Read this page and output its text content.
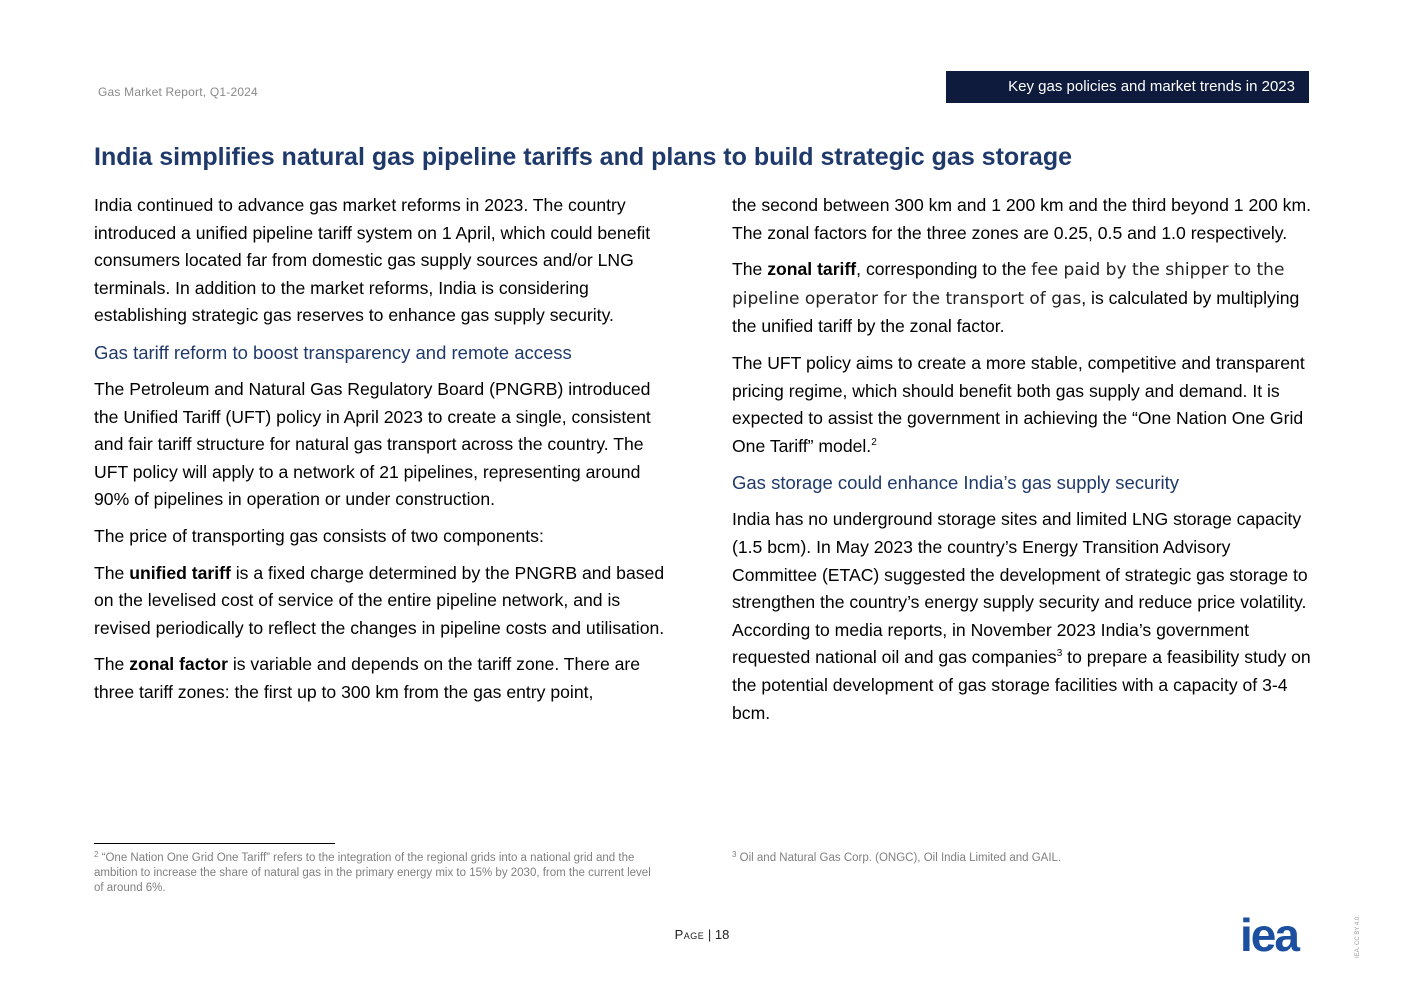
Gas Market Report, Q1-2024	Key gas policies and market trends in 2023
India simplifies natural gas pipeline tariffs and plans to build strategic gas storage

India continued to advance gas market reforms in 2023. The country introduced a unified pipeline tariff system on 1 April, which could benefit consumers located far from domestic gas supply sources and/or LNG terminals. In addition to the market reforms, India is considering establishing strategic gas reserves to enhance gas supply security.

Gas tariff reform to boost transparency and remote access

The Petroleum and Natural Gas Regulatory Board (PNGRB) introduced the Unified Tariff (UFT) policy in April 2023 to create a single, consistent and fair tariff structure for natural gas transport across the country. The UFT policy will apply to a network of 21 pipelines, representing around 90% of pipelines in operation or under construction.

The price of transporting gas consists of two components:

The unified tariff is a fixed charge determined by the PNGRB and based on the levelised cost of service of the entire pipeline network, and is revised periodically to reflect the changes in pipeline costs and utilisation.

The zonal factor is variable and depends on the tariff zone. There are three tariff zones: the first up to 300 km from the gas entry point,

the second between 300 km and 1 200 km and the third beyond 1 200 km. The zonal factors for the three zones are 0.25, 0.5 and 1.0 respectively.

The zonal tariff, corresponding to the fee paid by the shipper to the pipeline operator for the transport of gas, is calculated by multiplying the unified tariff by the zonal factor.

The UFT policy aims to create a more stable, competitive and transparent pricing regime, which should benefit both gas supply and demand. It is expected to assist the government in achieving the “One Nation One Grid One Tariff” model.$^2$

Gas storage could enhance India’s gas supply security

India has no underground storage sites and limited LNG storage capacity (1.5 bcm). In May 2023 the country’s Energy Transition Advisory Committee (ETAC) suggested the development of strategic gas storage to strengthen the country’s energy supply security and reduce price volatility. According to media reports, in November 2023 India’s government requested national oil and gas companies$^3$ to prepare a feasibility study on the potential development of gas storage facilities with a capacity of 3-4 bcm.

$^2$ “One Nation One Grid One Tariff” refers to the integration of the regional grids into a national grid and the ambition to increase the share of natural gas in the primary energy mix to 15% by 2030, from the current level of around 6%.
$^3$ Oil and Natural Gas Corp. (ONGC), Oil India Limited and GAIL.
Page | 18	iea	IEA. CC BY 4.0.
